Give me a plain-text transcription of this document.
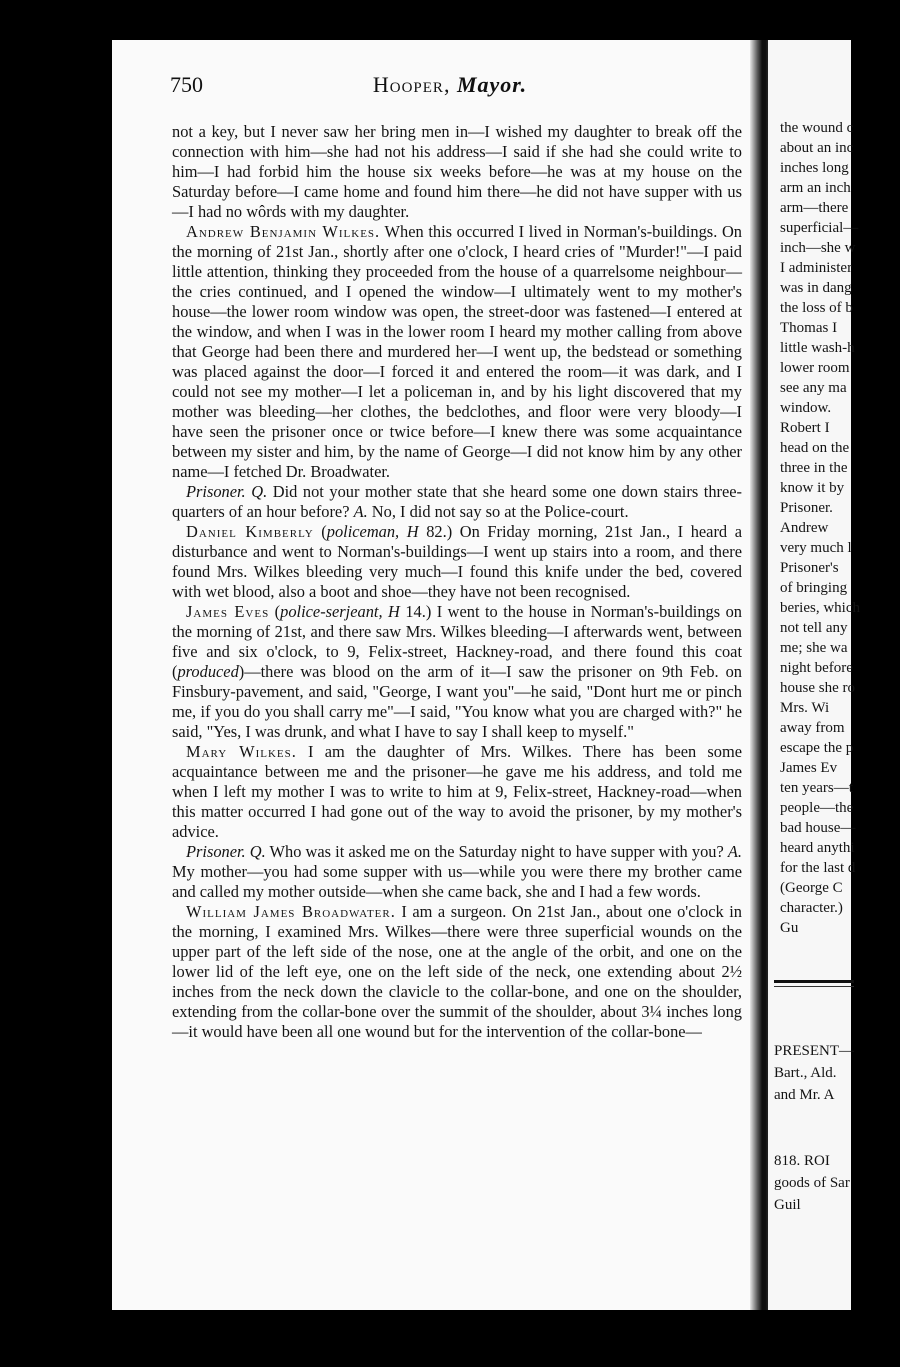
750	Hooper, Mayor.

not a key, but I never saw her bring men in—I wished my daughter to break off the connection with him—she had not his address—I said if she had she could write to him—I had forbid him the house six weeks before—he was at my house on the Saturday before—I came home and found him there—he did not have supper with us—I had no wôrds with my daughter.

Andrew Benjamin Wilkes. When this occurred I lived in Norman's-buildings. On the morning of 21st Jan., shortly after one o'clock, I heard cries of "Murder!"—I paid little attention, thinking they proceeded from the house of a quarrelsome neighbour—the cries continued, and I opened the window—I ultimately went to my mother's house—the lower room window was open, the street-door was fastened—I entered at the window, and when I was in the lower room I heard my mother calling from above that George had been there and murdered her—I went up, the bedstead or something was placed against the door—I forced it and entered the room—it was dark, and I could not see my mother—I let a policeman in, and by his light discovered that my mother was bleeding—her clothes, the bedclothes, and floor were very bloody—I have seen the prisoner once or twice before—I knew there was some acquaintance between my sister and him, by the name of George—I did not know him by any other name—I fetched Dr. Broadwater.

Prisoner. Q. Did not your mother state that she heard some one down stairs three-quarters of an hour before? A. No, I did not say so at the Police-court.

Daniel Kimberly (policeman, H 82.) On Friday morning, 21st Jan., I heard a disturbance and went to Norman's-buildings—I went up stairs into a room, and there found Mrs. Wilkes bleeding very much—I found this knife under the bed, covered with wet blood, also a boot and shoe—they have not been recognised.

James Eves (police-serjeant, H 14.) I went to the house in Norman's-buildings on the morning of 21st, and there saw Mrs. Wilkes bleeding—I afterwards went, between five and six o'clock, to 9, Felix-street, Hackney-road, and there found this coat (produced)—there was blood on the arm of it—I saw the prisoner on 9th Feb. on Finsbury-pavement, and said, "George, I want you"—he said, "Dont hurt me or pinch me, if you do you shall carry me"—I said, "You know what you are charged with?" he said, "Yes, I was drunk, and what I have to say I shall keep to myself."

Mary Wilkes. I am the daughter of Mrs. Wilkes. There has been some acquaintance between me and the prisoner—he gave me his address, and told me when I left my mother I was to write to him at 9, Felix-street, Hackney-road—when this matter occurred I had gone out of the way to avoid the prisoner, by my mother's advice.

Prisoner. Q. Who was it asked me on the Saturday night to have supper with you? A. My mother—you had some supper with us—while you were there my brother came and called my mother outside—when she came back, she and I had a few words.

William James Broadwater. I am a surgeon. On 21st Jan., about one o'clock in the morning, I examined Mrs. Wilkes—there were three superficial wounds on the upper part of the left side of the nose, one at the angle of the orbit, and one on the lower lid of the left eye, one on the left side of the neck, one extending about 2½ inches from the neck down the clavicle to the collar-bone, and one on the shoulder, extending from the collar-bone over the summit of the shoulder, about 3¼ inches long—it would have been all one wound but for the intervention of the collar-bone—

the wound c
about an inc
inches long
arm an inch
arm—there
superficial—
inch—she w
I administer
was in dang
the loss of b
Thomas I
little wash-h
lower room
see any ma
window.
Robert I
head on the
three in the
know it by
Prisoner.
Andrew
very much l
Prisoner's
of bringing
beries, which
not tell any
me; she wa
night before
house she ro
Mrs. Wi
away from
escape the p
James Ev
ten years—t
people—the
bad house—
heard anythi
for the last d
(George C
character.)
Gu
PRESENT—
Bart., Ald.
and Mr. A
818. ROI
goods of Sar
Guil
